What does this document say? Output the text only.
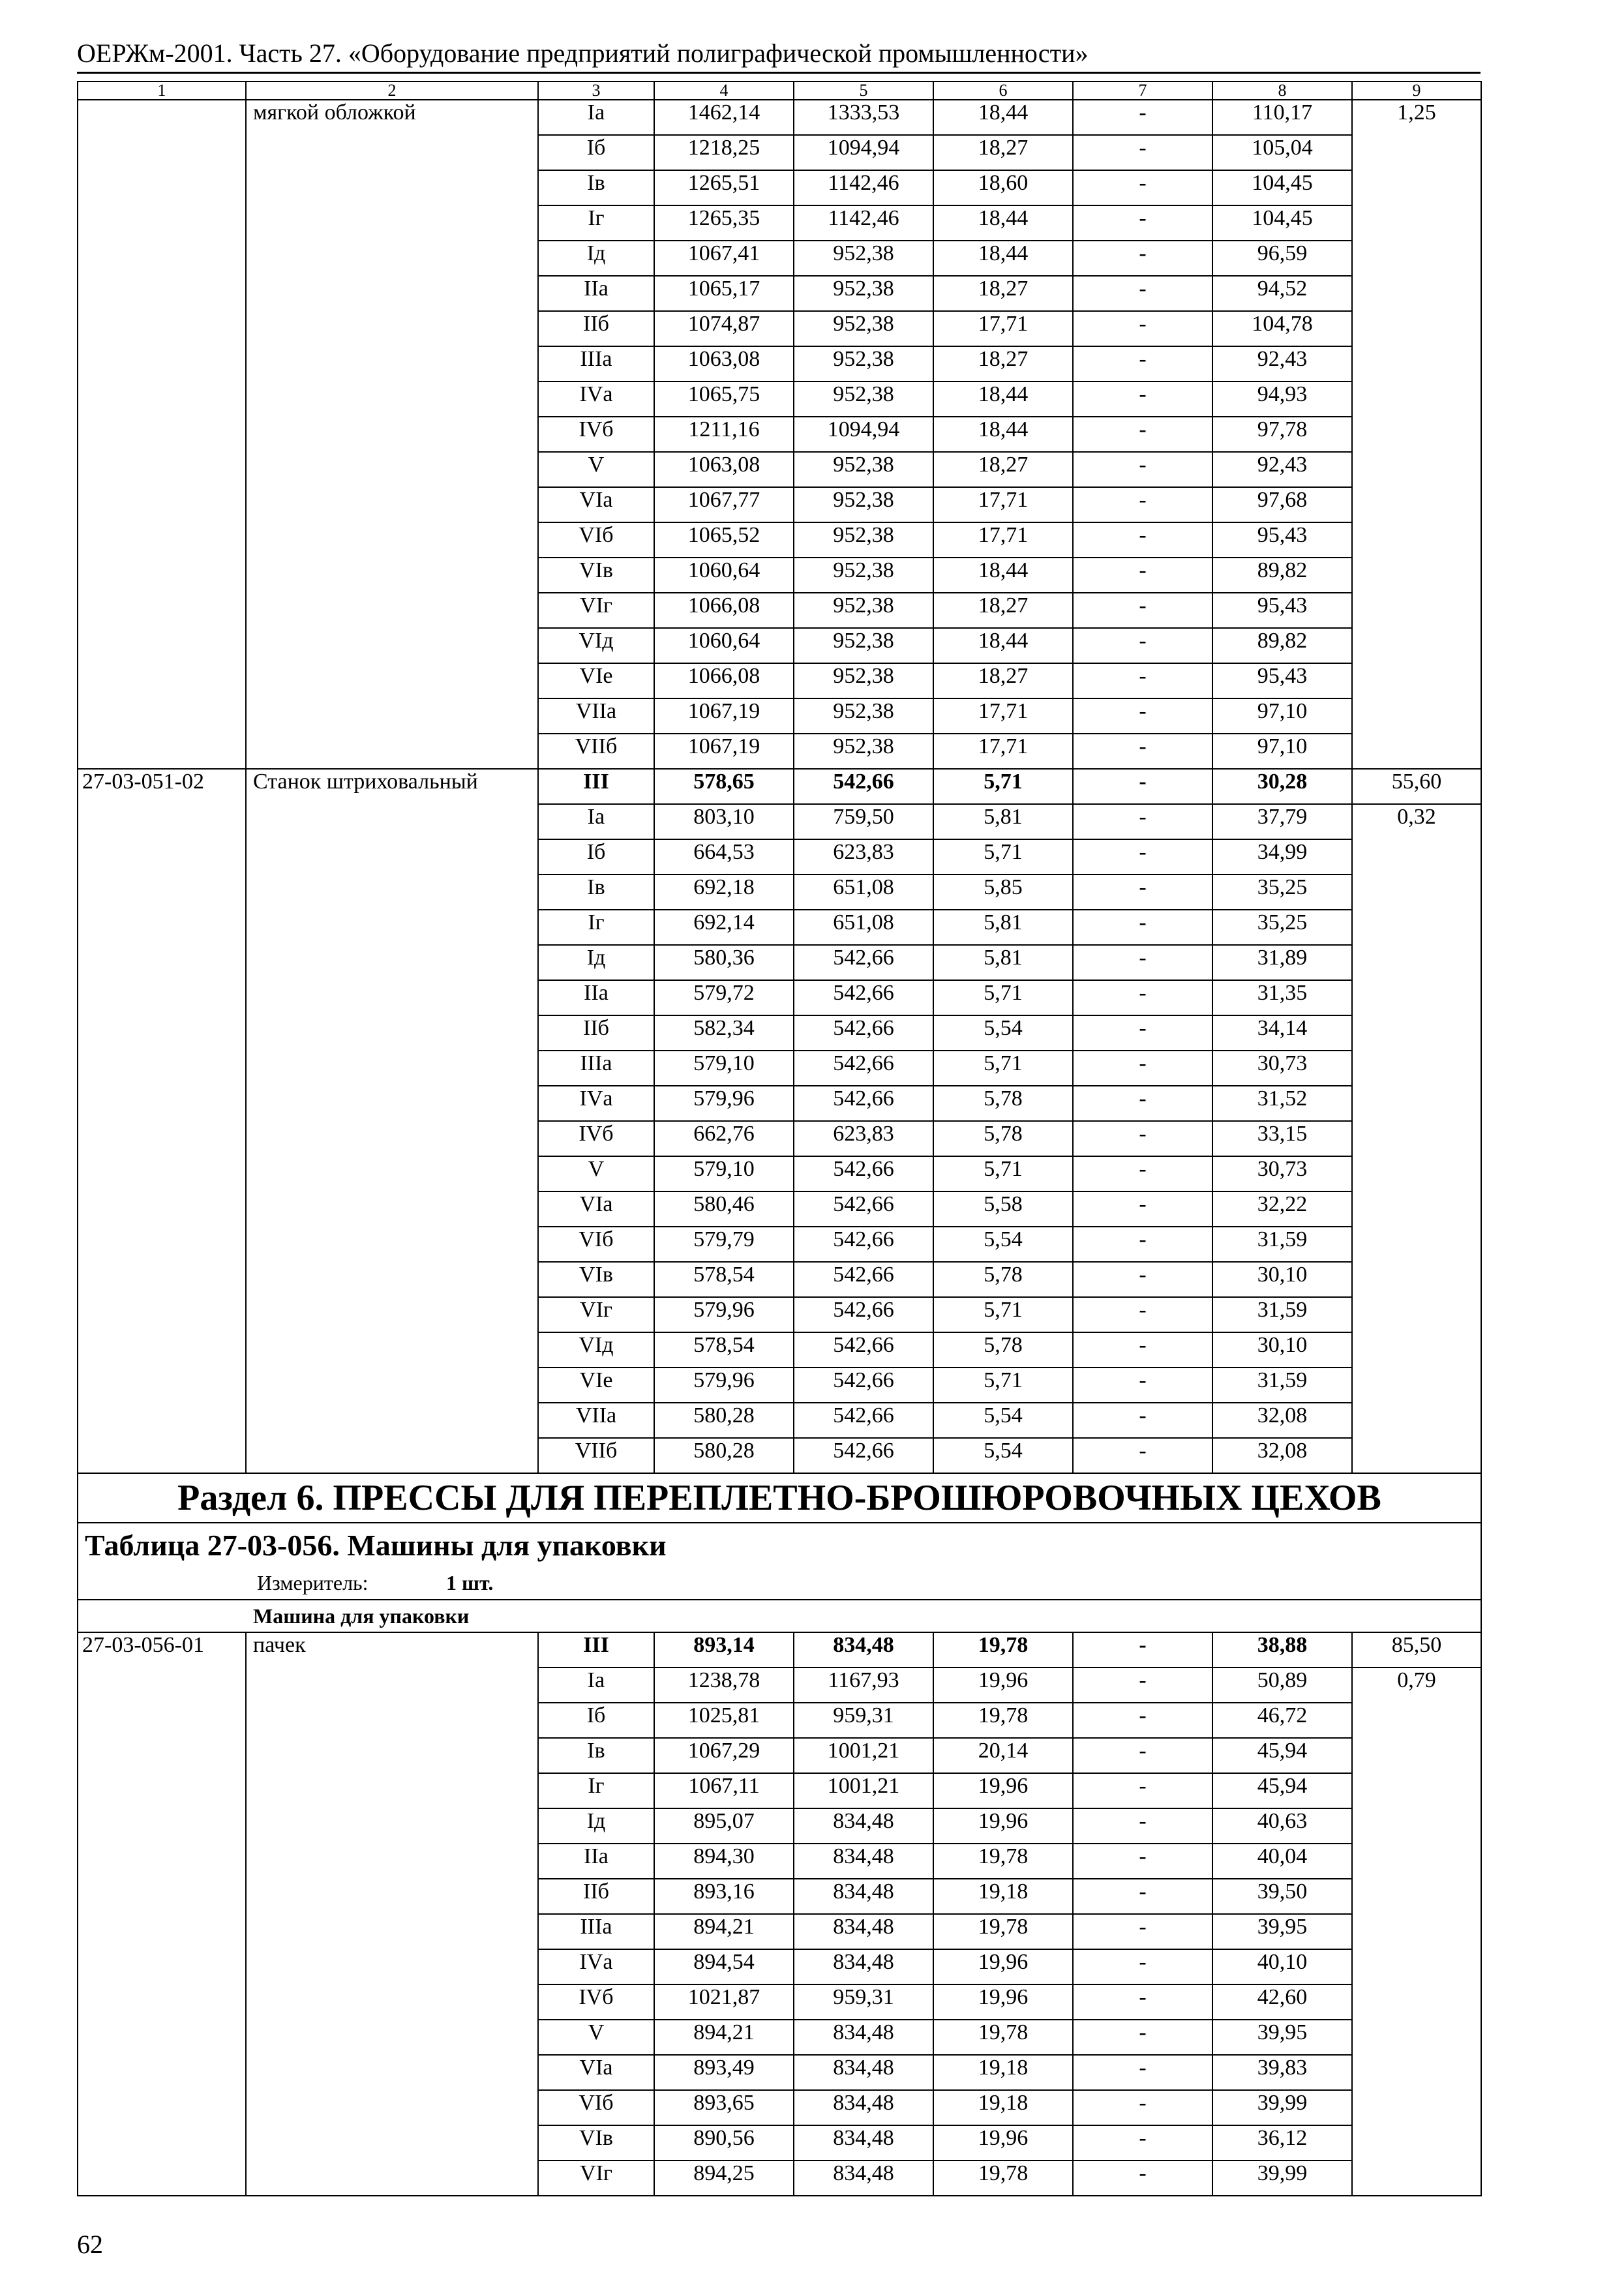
ОЕРЖм-2001. Часть 27. «Оборудование предприятий полиграфической промышленности»
1	2	3	4	5	6	7	8	9
	мягкой обложкой	Iа	1462,14	1333,53	18,44	-	110,17	1,25
		Iб	1218,25	1094,94	18,27	-	105,04	
		Iв	1265,51	1142,46	18,60	-	104,45	
		Iг	1265,35	1142,46	18,44	-	104,45	
		Iд	1067,41	952,38	18,44	-	96,59	
		IIа	1065,17	952,38	18,27	-	94,52	
		IIб	1074,87	952,38	17,71	-	104,78	
		IIIа	1063,08	952,38	18,27	-	92,43	
		IVа	1065,75	952,38	18,44	-	94,93	
		IVб	1211,16	1094,94	18,44	-	97,78	
		V	1063,08	952,38	18,27	-	92,43	
		VIа	1067,77	952,38	17,71	-	97,68	
		VIб	1065,52	952,38	17,71	-	95,43	
		VIв	1060,64	952,38	18,44	-	89,82	
		VIг	1066,08	952,38	18,27	-	95,43	
		VIд	1060,64	952,38	18,44	-	89,82	
		VIе	1066,08	952,38	18,27	-	95,43	
		VIIа	1067,19	952,38	17,71	-	97,10	
		VIIб	1067,19	952,38	17,71	-	97,10	
27-03-051-02	Станок штриховальный	III	578,65	542,66	5,71	-	30,28	55,60
		Iа	803,10	759,50	5,81	-	37,79	0,32
		Iб	664,53	623,83	5,71	-	34,99	
		Iв	692,18	651,08	5,85	-	35,25	
		Iг	692,14	651,08	5,81	-	35,25	
		Iд	580,36	542,66	5,81	-	31,89	
		IIа	579,72	542,66	5,71	-	31,35	
		IIб	582,34	542,66	5,54	-	34,14	
		IIIа	579,10	542,66	5,71	-	30,73	
		IVа	579,96	542,66	5,78	-	31,52	
		IVб	662,76	623,83	5,78	-	33,15	
		V	579,10	542,66	5,71	-	30,73	
		VIа	580,46	542,66	5,58	-	32,22	
		VIб	579,79	542,66	5,54	-	31,59	
		VIв	578,54	542,66	5,78	-	30,10	
		VIг	579,96	542,66	5,71	-	31,59	
		VIд	578,54	542,66	5,78	-	30,10	
		VIе	579,96	542,66	5,71	-	31,59	
		VIIа	580,28	542,66	5,54	-	32,08	
		VIIб	580,28	542,66	5,54	-	32,08	
Раздел 6. ПРЕССЫ ДЛЯ ПЕРЕПЛЕТНО-БРОШЮРОВОЧНЫХ ЦЕХОВ								
Таблица 27-03-056. Машины для упаковки								
Измеритель: 1 шт.								
Машина для упаковки								
27-03-056-01	пачек	III	893,14	834,48	19,78	-	38,88	85,50
		Iа	1238,78	1167,93	19,96	-	50,89	0,79
		Iб	1025,81	959,31	19,78	-	46,72	
		Iв	1067,29	1001,21	20,14	-	45,94	
		Iг	1067,11	1001,21	19,96	-	45,94	
		Iд	895,07	834,48	19,96	-	40,63	
		IIа	894,30	834,48	19,78	-	40,04	
		IIб	893,16	834,48	19,18	-	39,50	
		IIIа	894,21	834,48	19,78	-	39,95	
		IVа	894,54	834,48	19,96	-	40,10	
		IVб	1021,87	959,31	19,96	-	42,60	
		V	894,21	834,48	19,78	-	39,95	
		VIа	893,49	834,48	19,18	-	39,83	
		VIб	893,65	834,48	19,18	-	39,99	
		VIв	890,56	834,48	19,96	-	36,12	
		VIг	894,25	834,48	19,78	-	39,99	
62
